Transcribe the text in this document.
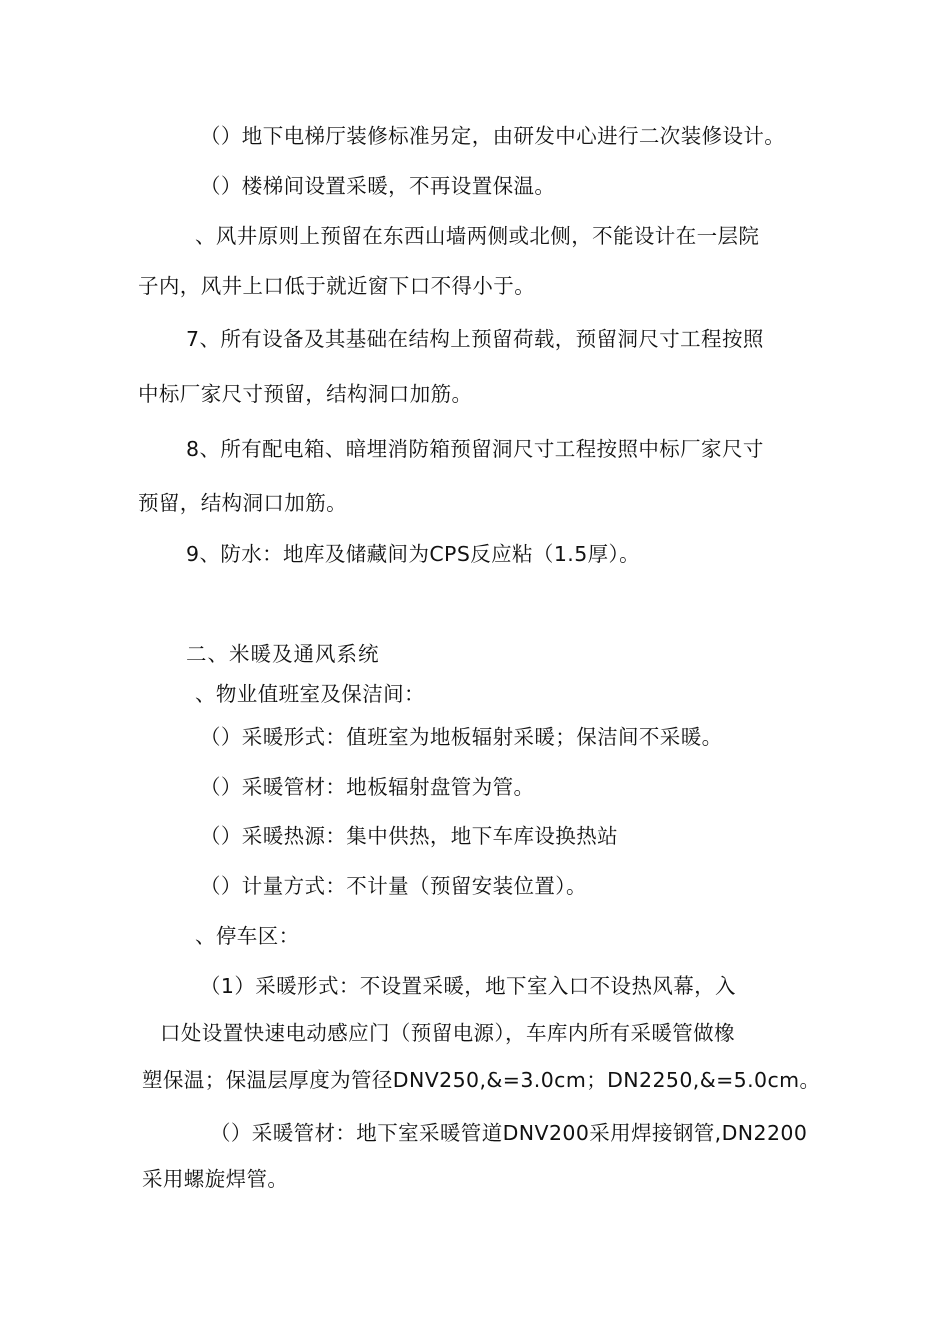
（）地下电梯厅装修标准另定，由研发中心进行二次装修设计。
（）楼梯间设置采暖，不再设置保温。
、风井原则上预留在东西山墙两侧或北侧，不能设计在一层院
子内，风井上口低于就近窗下口不得小于。
7、所有设备及其基础在结构上预留荷载，预留洞尺寸工程按照
中标厂家尺寸预留，结构洞口加筋。
8、所有配电箱、暗埋消防箱预留洞尺寸工程按照中标厂家尺寸
预留，结构洞口加筋。
9、防水：地库及储藏间为CPS反应粘（1.5厚）。
二、米暖及通风系统
、物业值班室及保洁间：
（）采暖形式：值班室为地板辐射采暖；保洁间不采暖。
（）采暖管材：地板辐射盘管为管。
（）采暖热源：集中供热，地下车库设换热站
（）计量方式：不计量（预留安装位置）。
、停车区：
（1）采暖形式：不设置采暖，地下室入口不设热风幕，入
口处设置快速电动感应门（预留电源），车库内所有采暖管做橡
塑保温；保温层厚度为管径DNV250,&=3.0cm；DN2250,&=5.0cm。
（）采暖管材：地下室采暖管道DNV200采用焊接钢管,DN2200
采用螺旋焊管。
